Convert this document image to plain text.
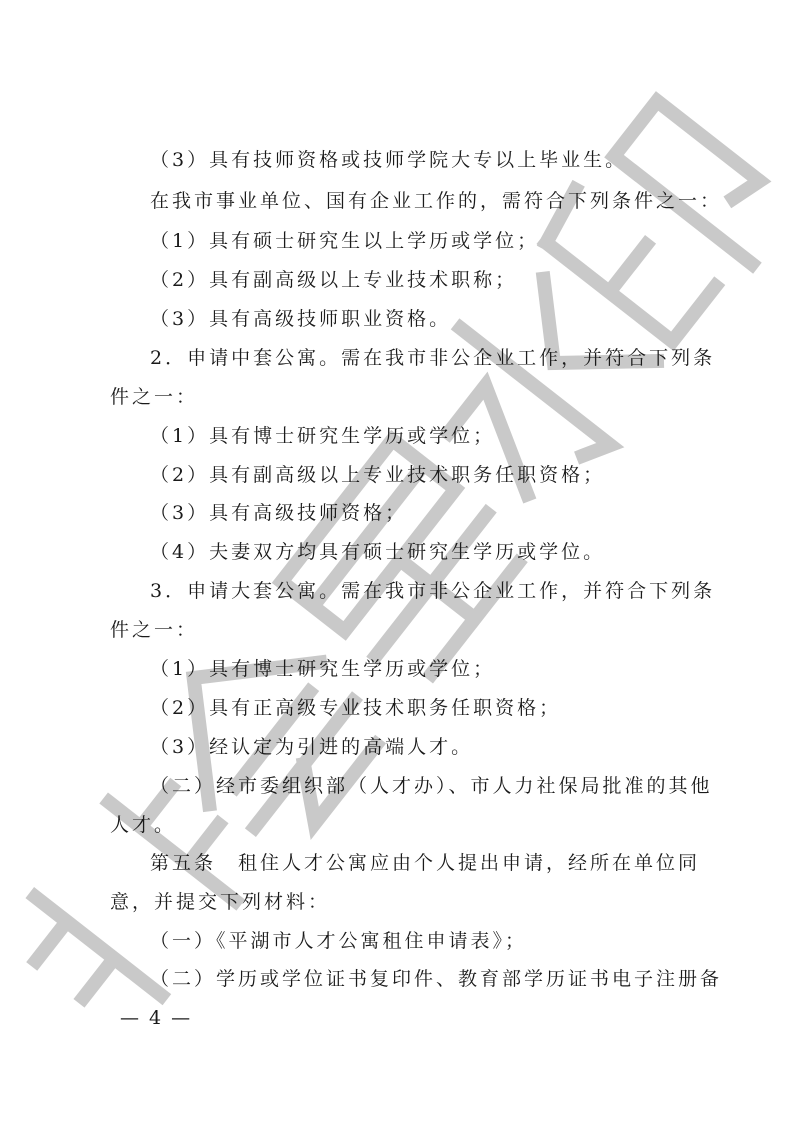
（3）具有技师资格或技师学院大专以上毕业生。
在我市事业单位、国有企业工作的，需符合下列条件之一：
（1）具有硕士研究生以上学历或学位；
（2）具有副高级以上专业技术职称；
（3）具有高级技师职业资格。
2．申请中套公寓。需在我市非公企业工作，并符合下列条
件之一：
（1）具有博士研究生学历或学位；
（2）具有副高级以上专业技术职务任职资格；
（3）具有高级技师资格；
（4）夫妻双方均具有硕士研究生学历或学位。
3．申请大套公寓。需在我市非公企业工作，并符合下列条
件之一：
（1）具有博士研究生学历或学位；
（2）具有正高级专业技术职务任职资格；
（3）经认定为引进的高端人才。
（二）经市委组织部（人才办）、市人力社保局批准的其他
人才。
第五条　租住人才公寓应由个人提出申请，经所在单位同
意，并提交下列材料：
（一）《平湖市人才公寓租住申请表》；
（二）学历或学位证书复印件、教育部学历证书电子注册备
— 4 —
